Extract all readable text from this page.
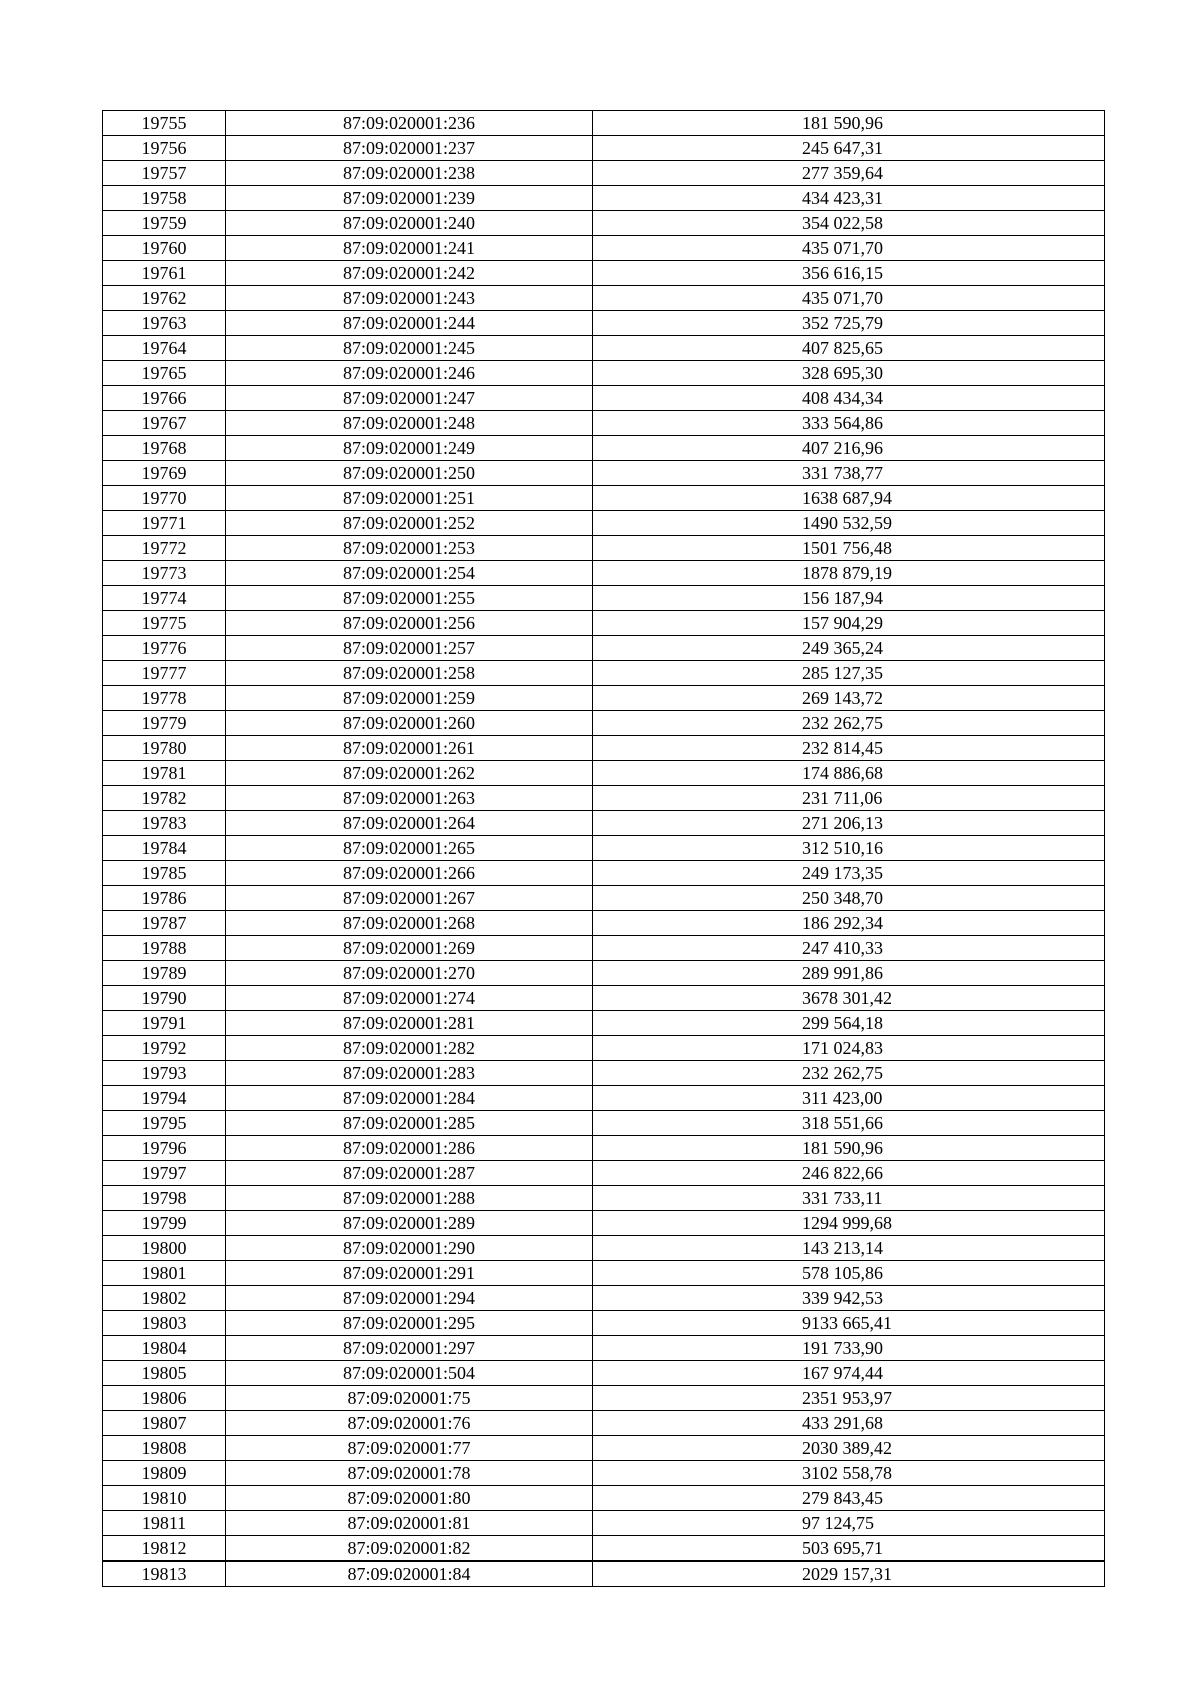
19755	87:09:020001:236	181 590,96
19756	87:09:020001:237	245 647,31
19757	87:09:020001:238	277 359,64
19758	87:09:020001:239	434 423,31
19759	87:09:020001:240	354 022,58
19760	87:09:020001:241	435 071,70
19761	87:09:020001:242	356 616,15
19762	87:09:020001:243	435 071,70
19763	87:09:020001:244	352 725,79
19764	87:09:020001:245	407 825,65
19765	87:09:020001:246	328 695,30
19766	87:09:020001:247	408 434,34
19767	87:09:020001:248	333 564,86
19768	87:09:020001:249	407 216,96
19769	87:09:020001:250	331 738,77
19770	87:09:020001:251	1638 687,94
19771	87:09:020001:252	1490 532,59
19772	87:09:020001:253	1501 756,48
19773	87:09:020001:254	1878 879,19
19774	87:09:020001:255	156 187,94
19775	87:09:020001:256	157 904,29
19776	87:09:020001:257	249 365,24
19777	87:09:020001:258	285 127,35
19778	87:09:020001:259	269 143,72
19779	87:09:020001:260	232 262,75
19780	87:09:020001:261	232 814,45
19781	87:09:020001:262	174 886,68
19782	87:09:020001:263	231 711,06
19783	87:09:020001:264	271 206,13
19784	87:09:020001:265	312 510,16
19785	87:09:020001:266	249 173,35
19786	87:09:020001:267	250 348,70
19787	87:09:020001:268	186 292,34
19788	87:09:020001:269	247 410,33
19789	87:09:020001:270	289 991,86
19790	87:09:020001:274	3678 301,42
19791	87:09:020001:281	299 564,18
19792	87:09:020001:282	171 024,83
19793	87:09:020001:283	232 262,75
19794	87:09:020001:284	311 423,00
19795	87:09:020001:285	318 551,66
19796	87:09:020001:286	181 590,96
19797	87:09:020001:287	246 822,66
19798	87:09:020001:288	331 733,11
19799	87:09:020001:289	1294 999,68
19800	87:09:020001:290	143 213,14
19801	87:09:020001:291	578 105,86
19802	87:09:020001:294	339 942,53
19803	87:09:020001:295	9133 665,41
19804	87:09:020001:297	191 733,90
19805	87:09:020001:504	167 974,44
19806	87:09:020001:75	2351 953,97
19807	87:09:020001:76	433 291,68
19808	87:09:020001:77	2030 389,42
19809	87:09:020001:78	3102 558,78
19810	87:09:020001:80	279 843,45
19811	87:09:020001:81	97 124,75
19812	87:09:020001:82	503 695,71
19813	87:09:020001:84	2029 157,31
